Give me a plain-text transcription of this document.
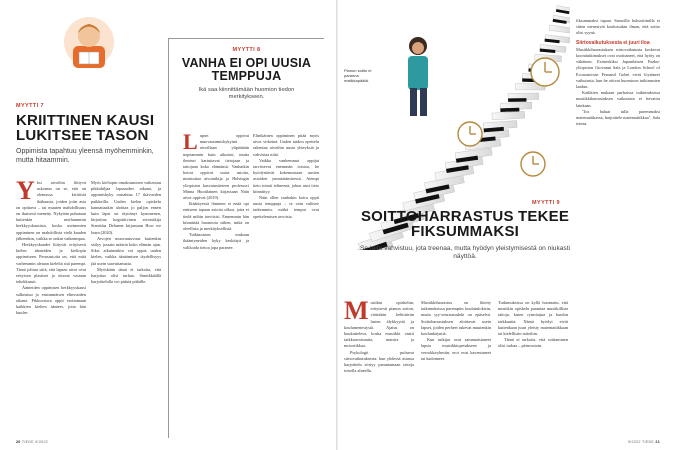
MYYTTI 7
KRIITTINEN KAUSI LUKITSEE TASON
Oppimista tapahtuu yleensä myöhemminkin, mutta hitaammin.
Y ksi aivoihin liittyvä uskomus on se, että on olemassa kriittisiä ikäkausia, joiden jotin asia on opittava – tai muuten mahdollisuus on ikuisesti menetty. Nykyään puhutaan kuitenkin mieluummin herkkyyskausista, koska useimmien oppiminen on mahdollista vielä kauden jälkeenkin, vaikka se onkin vaikeampaa.

Herkkyyskaudet liittyvät erityisesti kielen äänteiden ja kieliopin oppimiseen. Perusasioita on, että mitä varhemmin aletaan kieleltä sitä parempi. Tämä johtuu siitä, että lapsen aivot ovat erityisen plastiset ja ottavat vastaan tehokkaasti.

Äänteiden oppimisen herkkyyskausi sulkeutuu jo ensimmäisen elinvuoden aikana. Pikkuvauva oppii erottamaan kaikkien kielten äänteet, joita hän kuulee.

Myös kieliopin omaksuminen vaikeutuu pikkuhiljaa lapsuuden aikana, ja oppimiskyky romahtaa 17 ikävuoden paikkeilla. Uuden kielen opiskelu kannattaakin aloittaa jo paljon ennen kuin lapsi on täyttänyt kymmenen, kirjoittaa kognitiivinen aivotutkija Stanislas Dehaene kirjassaan How we learn (2020).

Aivojen muovautuvuus kuitenkin säilyy jossain määrin koko elämän ajan. Siksi aikuinenkin voi oppia uuden kielen, vaikka ääntämisen täydellisyys jää usein saavuttamatta.

Myöskään tämä ei tarkoita, että harjoitus olisi turhaa. Sinnikkäällä harjoittelulla voi päästä pitkälle.

MYYTTI 8
VANHA EI OPI UUSIA TEMPPUJA
Ikä saa kiinnittämään huomion tiedon merkitykseen.
L apset oppivat muovautumiskykyinä aivoillaan ylipäätään nopeammin kuin aikuiset, mutta ihmiset kartuttavat tietojaan ja taitojaan koko elämänsä. Vanhatkin koirat oppivat uusia asioita, muistuttaa aivotutkija ja Helsingin yliopiston kasvatustieteen professori Minna Huotilainen kirjassaan Näin aivot oppivat (2019).

Ikääntyessä ihminen ei enää opi entiseen tapaan asioita ulkoa, joita ei tiedä mihin tarvitsisi. Ennemmin hän kiinnittää huomiota siihen, mikä on oleellista ja merkityksellistä.

Tutkimusten mukaan ikääntyneiden kyky keskittyä ja valikoida tietoa jopa paranee.

Elinikäinen oppiminen pitää myös aivot virkeinä. Uuden taidon opettelu rakentaa aivoihin uusia yhteyksiä ja vahvistaa niitä.

Vaikka vanhemmat oppijat tarvitsevat enemmän toistoa, he hyödyntävät kokemustaan uusien asioiden ymmärtämisessä. Aiempi tieto toimii telineenä, johon uusi tieto kiinnittyy.

Näin ollen vanhakin koira oppii uusia temppuja – se vain valitsee tarkemmin, mitkä temput ovat opettelemisen arvoisia.

Pianon soitto ei paranna matikkapäätä.
MYYTTI 9
SOITTOHARRASTUS TEKEE FIKSUMMAKSI
Se taito vahvistuu, jota treenaa, mutta hyödyn yleistymisestä on niukasti näyttöä.
M usiikin opiskelun, erityisesti pianon soiton, väitetään kehittävän lasten älykkyyttä ja koulumenestystä. Ajatus on houkutteleva, koska musiikki vaatii tarkkaavaisuutta, muistia ja motoriikkaa.

Psykologit puhuvat siirtovaikutuksesta: kun yhdessä asiassa harjoittelu siirtyy parantamaan taitoja toisella alueella.

Musiikkiharrastus on liitetty tutkimuksissa parempiin koulutuloksiin, mutta syy-seuraussuhde on epäselvä. Soittoharrastuksen aloittavat usein lapset, joiden perheet tukevat muutenkin koulunkäyntiä.

Kun tutkijat ovat satunnaistaneet lapsia musiikkiopetukseen ja verrokkiryhmiin, erot ovat kaventuneet tai kadonneet.

Tutkimuksissa on kyllä huomattu, että musiikin opiskelu parantaa musiikillisia taitoja, kuten rytmitajua ja kuulon tarkkuutta. Nämä hyödyt eivät kuitenkaan juuri yleisty matematiikkaan tai kielellisiin taitoihin.

Tämä ei tarkoita, että soittaminen olisi turhaa – päinvastoin.

fiksummaksi tapaat. Samoilla hoksottimilla ei sitten menestytä koulussakin ilman, että soitto olisi syynä.

Siirtovaikutuksesta ei juuri iloa

Musiikkiharrastuksen siirtovaikutusta koskevat koonttutkimukset ovat osoittaneet, että hyöty on vähäinen. Esimerkiksi Japanilaisen Fuzhu-yliopiston Giovanni Sala ja London School of Economicsin Fernand Gobet eivät löytäneet vaikutusta, kun he ottivat huomioon tutkimusten laadun.

Kaikkien mukaan parhaissa tutkimuksissa musiikkiharrastuksen vaikutusta ei havaittu lainkaan.

"Jos haluat tulla paremmaksi matematiikassa, harjoittele matematiikkaa", Sala toteaa.

20 TIEDE 9/2022	9/2022 TIEDE 21
